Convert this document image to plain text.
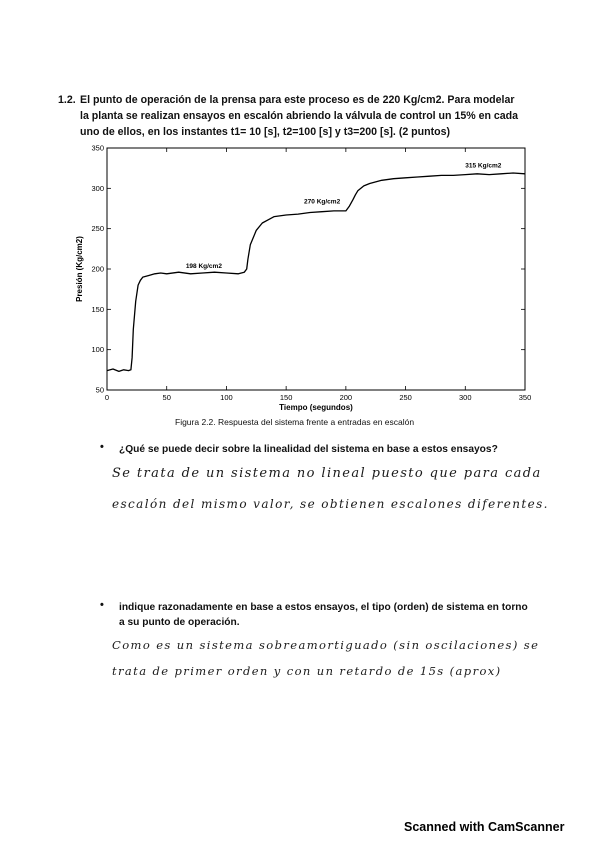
1.2. El punto de operación de la prensa para este proceso es de 220 Kg/cm2. Para modelar
la planta se realizan ensayos en escalón abriendo la válvula de control un 15% en cada
uno de ellos, en los instantes t1= 10 [s], t2=100 [s] y t3=200 [s]. (2 puntos)
0	50	100	150	200	250	300	350
50
100
150
200
250
300
350
Tiempo (segundos)
Presión (Kg/cm2)	198 Kg/cm2
270 Kg/cm2
315 Kg/cm2
Figura 2.2. Respuesta del sistema frente a entradas en escalón
• ¿Qué se puede decir sobre la linealidad del sistema en base a estos ensayos?
Se trata de un sistema no lineal puesto que para cada
escalón del mismo valor, se obtienen escalones diferentes.
• indique razonadamente en base a estos ensayos, el tipo (orden) de sistema en torno
a su punto de operación.
Como es un sistema sobreamortiguado (sin oscilaciones) se
trata de primer orden y con un retardo de 15s (aprox)
Scanned with CamScanner
